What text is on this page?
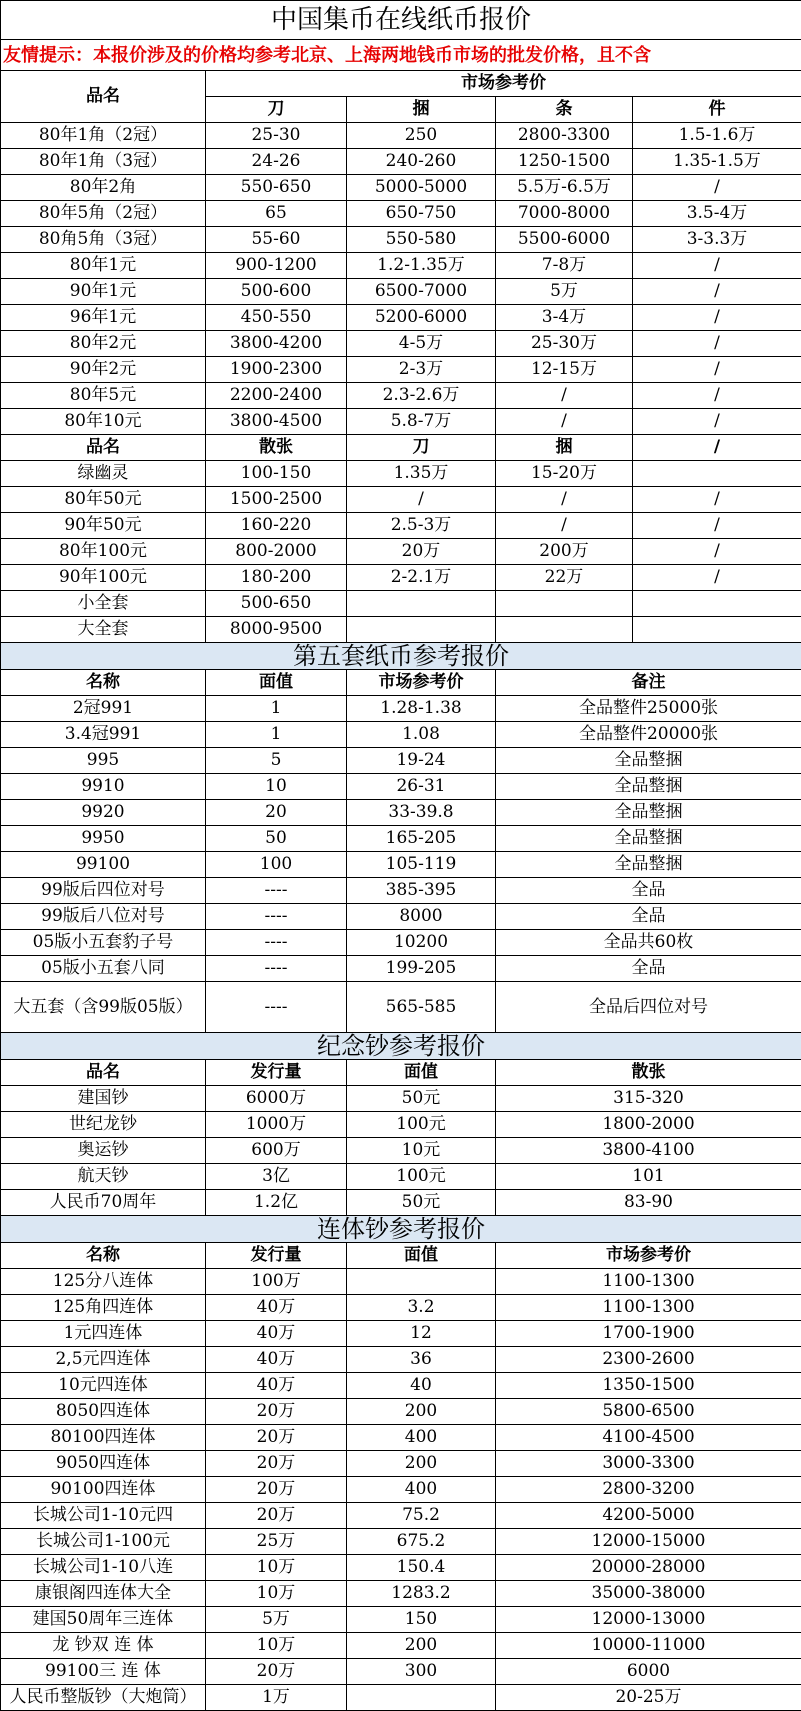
中国集币在线纸币报价				
友情提示：本报价涉及的价格均参考北京、上海两地钱币市场的批发价格，且不含				
品名	市场参考价			
	刀	捆	条	件
80年1角（2冠）	25-30	250	2800-3300	1.5-1.6万
80年1角（3冠）	24-26	240-260	1250-1500	1.35-1.5万
80年2角	550-650	5000-5000	5.5万-6.5万	/
80年5角（2冠）	65	650-750	7000-8000	3.5-4万
80角5角（3冠）	55-60	550-580	5500-6000	3-3.3万
80年1元	900-1200	1.2-1.35万	7-8万	/
90年1元	500-600	6500-7000	5万	/
96年1元	450-550	5200-6000	3-4万	/
80年2元	3800-4200	4-5万	25-30万	/
90年2元	1900-2300	2-3万	12-15万	/
80年5元	2200-2400	2.3-2.6万	/	/
80年10元	3800-4500	5.8-7万	/	/
品名	散张	刀	捆	/
绿幽灵	100-150	1.35万	15-20万	
80年50元	1500-2500	/	/	/
90年50元	160-220	2.5-3万	/	/
80年100元	800-2000	20万	200万	/
90年100元	180-200	2-2.1万	22万	/
小全套	500-650			
大全套	8000-9500			
第五套纸币参考报价				
名称	面值	市场参考价	备注	
2冠991	1	1.28-1.38	全品整件25000张	
3.4冠991	1	1.08	全品整件20000张	
995	5	19-24	全品整捆	
9910	10	26-31	全品整捆	
9920	20	33-39.8	全品整捆	
9950	50	165-205	全品整捆	
99100	100	105-119	全品整捆	
99版后四位对号	----	385-395	全品	
99版后八位对号	----	8000	全品	
05版小五套豹子号	----	10200	全品共60枚	
05版小五套八同	----	199-205	全品	
大五套（含99版05版）	----	565-585	全品后四位对号	
纪念钞参考报价				
品名	发行量	面值	散张	
建国钞	6000万	50元	315-320	
世纪龙钞	1000万	100元	1800-2000	
奥运钞	600万	10元	3800-4100	
航天钞	3亿	100元	101	
人民币70周年	1.2亿	50元	83-90	
连体钞参考报价				
名称	发行量	面值	市场参考价	
125分八连体	100万		1100-1300	
125角四连体	40万	3.2	1100-1300	
1元四连体	40万	12	1700-1900	
2,5元四连体	40万	36	2300-2600	
10元四连体	40万	40	1350-1500	
8050四连体	20万	200	5800-6500	
80100四连体	20万	400	4100-4500	
9050四连体	20万	200	3000-3300	
90100四连体	20万	400	2800-3200	
长城公司1-10元四	20万	75.2	4200-5000	
长城公司1-100元	25万	675.2	12000-15000	
长城公司1-10八连	10万	150.4	20000-28000	
康银阁四连体大全	10万	1283.2	35000-38000	
建国50周年三连体	5万	150	12000-13000	
龙 钞双 连 体	10万	200	10000-11000	
99100三 连 体	20万	300	6000	
人民币整版钞（大炮筒）	1万		20-25万	
